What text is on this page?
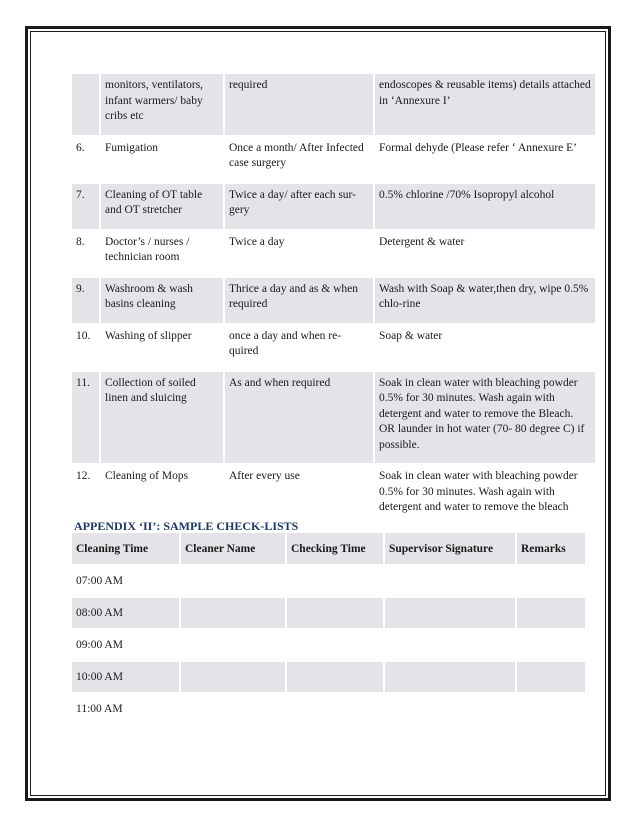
	monitors, ventilators, infant warmers/ baby cribs etc	required	endoscopes & reusable items) details attached in ‘Annexure I’
6.	Fumigation	Once a month/ After Infected case surgery	Formal dehyde (Please refer ‘ Annexure E’
7.	Cleaning of OT table and OT stretcher	Twice a day/ after each sur-gery	0.5% chlorine /70% Isopropyl alcohol
8.	Doctor’s / nurses / technician room	Twice a day	Detergent & water
9.	Washroom & wash basins cleaning	Thrice a day and as & when required	Wash with Soap & water,then dry, wipe 0.5% chlo-rine
10.	Washing of slipper	once a day and when re-quired	Soap & water
11.	Collection of soiled linen and sluicing	As and when required	Soak in clean water with bleaching powder 0.5% for 30 minutes. Wash again with detergent and water to remove the Bleach. OR launder in hot water (70- 80 degree C) if possible.
12.	Cleaning of Mops	After every use	Soak in clean water with bleaching powder 0.5% for 30 minutes. Wash again with detergent and water to remove the bleach
APPENDIX ‘II’: SAMPLE CHECK-LISTS
Cleaning Time	Cleaner Name	Checking Time	Supervisor Signature	Remarks
07:00 AM				
08:00 AM				
09:00 AM				
10:00 AM				
11:00 AM				
